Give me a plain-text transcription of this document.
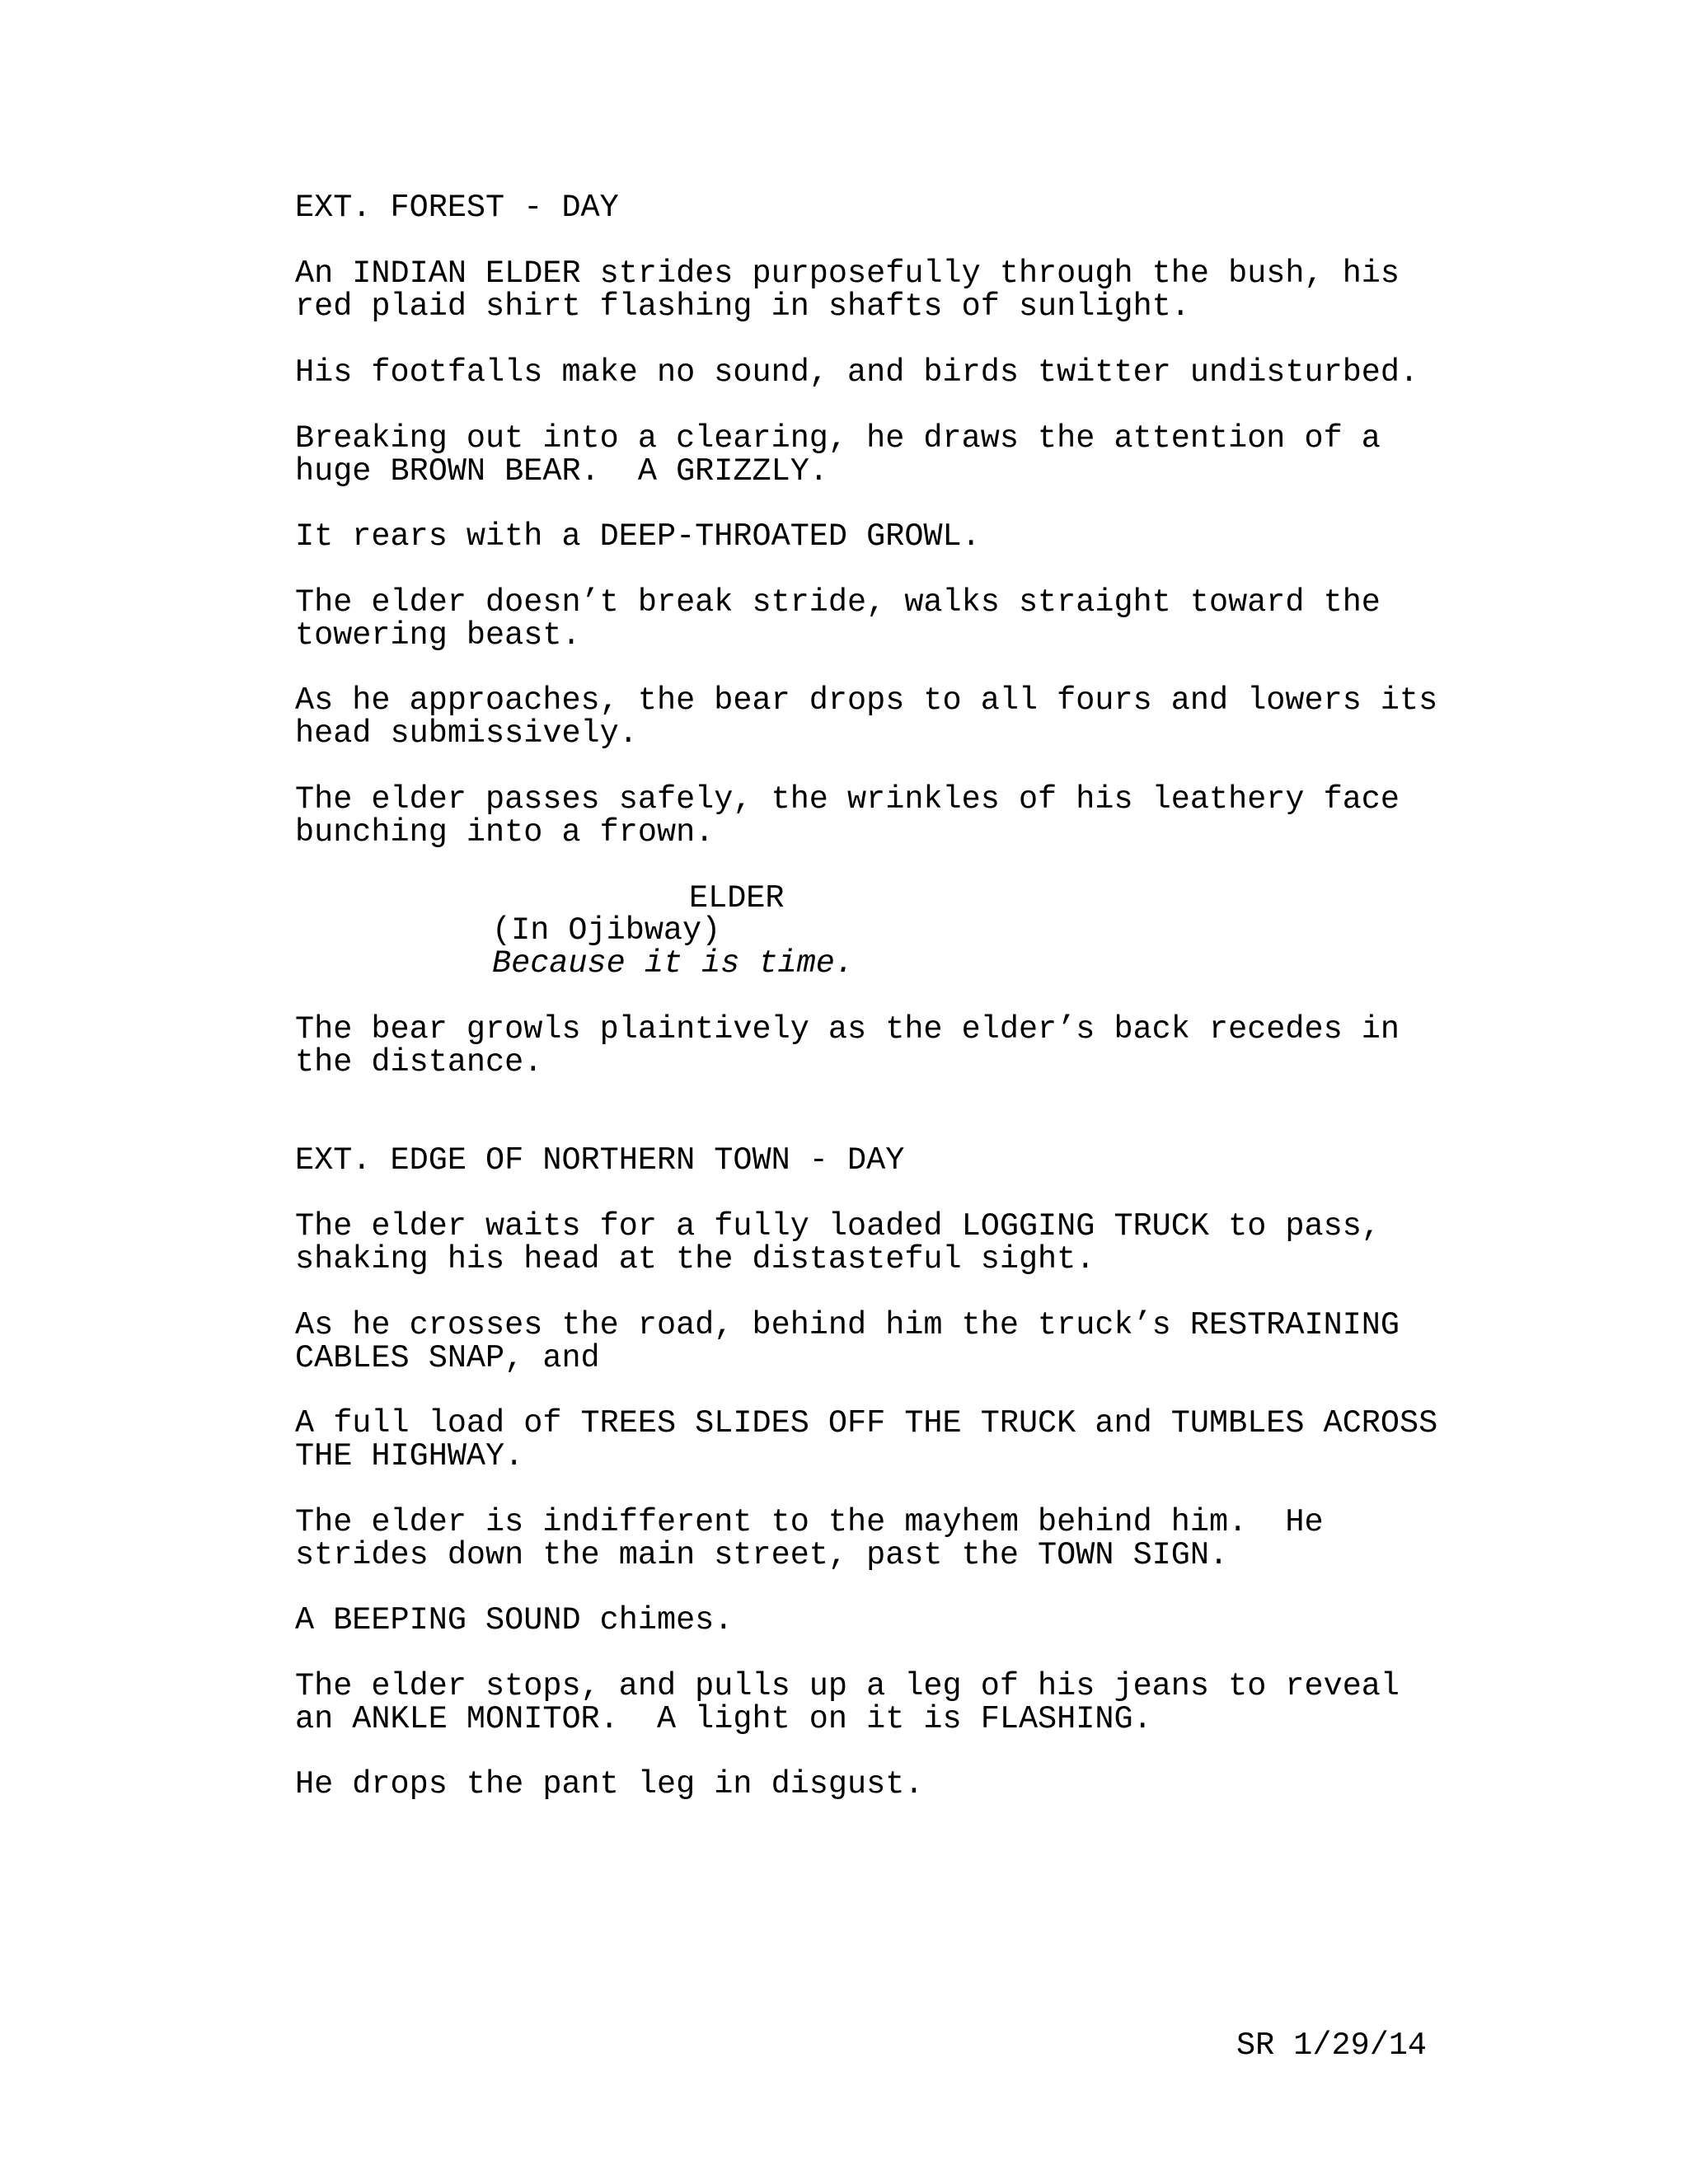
EXT. FOREST - DAY
An INDIAN ELDER strides purposefully through the bush, his
red plaid shirt flashing in shafts of sunlight.
His footfalls make no sound, and birds twitter undisturbed.
Breaking out into a clearing, he draws the attention of a
huge BROWN BEAR.  A GRIZZLY.
It rears with a DEEP-THROATED GROWL.
The elder doesn’t break stride, walks straight toward the
towering beast.
As he approaches, the bear drops to all fours and lowers its
head submissively.
The elder passes safely, the wrinkles of his leathery face
bunching into a frown.
ELDER
(In Ojibway)
Because it is time.
The bear growls plaintively as the elder’s back recedes in
the distance.
EXT. EDGE OF NORTHERN TOWN - DAY
The elder waits for a fully loaded LOGGING TRUCK to pass,
shaking his head at the distasteful sight.
As he crosses the road, behind him the truck’s RESTRAINING
CABLES SNAP, and
A full load of TREES SLIDES OFF THE TRUCK and TUMBLES ACROSS
THE HIGHWAY.
The elder is indifferent to the mayhem behind him.  He
strides down the main street, past the TOWN SIGN.
A BEEPING SOUND chimes.
The elder stops, and pulls up a leg of his jeans to reveal
an ANKLE MONITOR.  A light on it is FLASHING.
He drops the pant leg in disgust.
SR 1/29/14
